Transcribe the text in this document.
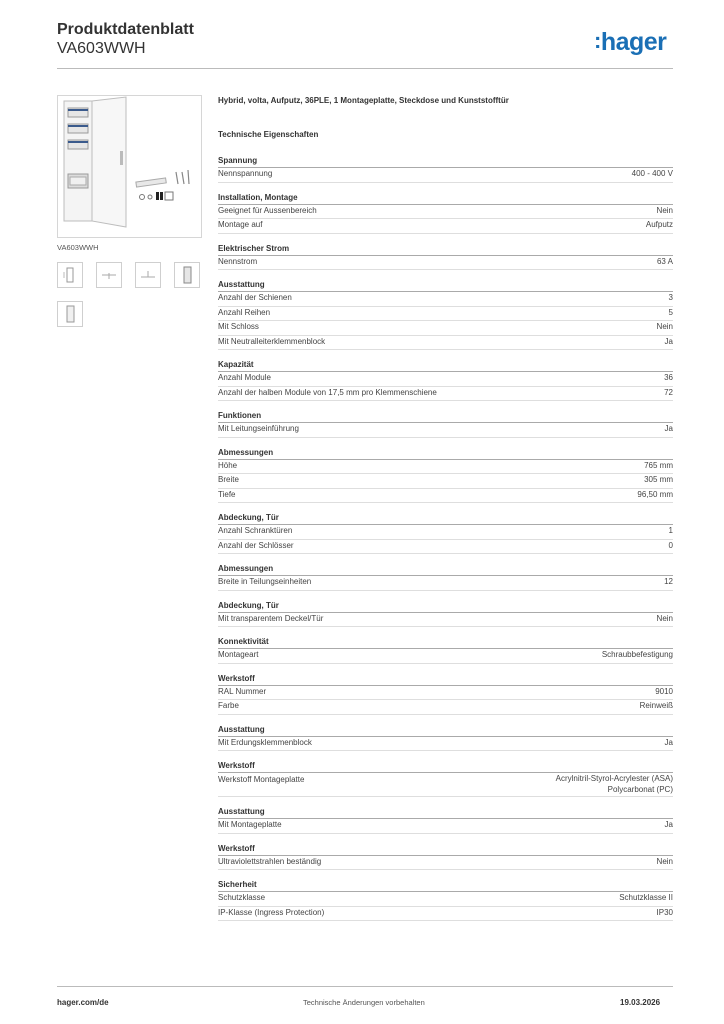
Produktdatenblatt
VA603WWH	:hager
VA603WWH
Hybrid, volta, Aufputz, 36PLE, 1 Montageplatte, Steckdose und Kunststofftür
Technische Eigenschaften
Spannung
Nennspannung	400 - 400 V
Installation, Montage
Geeignet für Aussenbereich	Nein
Montage auf	Aufputz
Elektrischer Strom
Nennstrom	63 A
Ausstattung
Anzahl der Schienen	3
Anzahl Reihen	5
Mit Schloss	Nein
Mit Neutralleiterklemmenblock	Ja
Kapazität
Anzahl Module	36
Anzahl der halben Module von 17,5 mm pro Klemmenschiene	72
Funktionen
Mit Leitungseinführung	Ja
Abmessungen
Höhe	765 mm
Breite	305 mm
Tiefe	96,50 mm
Abdeckung, Tür
Anzahl Schranktüren	1
Anzahl der Schlösser	0
Abmessungen
Breite in Teilungseinheiten	12
Abdeckung, Tür
Mit transparentem Deckel/Tür	Nein
Konnektivität
Montageart	Schraubbefestigung
Werkstoff
RAL Nummer	9010
Farbe	Reinweiß
Ausstattung
Mit Erdungsklemmenblock	Ja
Werkstoff
Werkstoff Montageplatte	Acrylnitril-Styrol-Acrylester (ASA)
Polycarbonat (PC)
Ausstattung
Mit Montageplatte	Ja
Werkstoff
Ultraviolettstrahlen beständig	Nein
Sicherheit
Schutzklasse	Schutzklasse II
IP-Klasse (Ingress Protection)	IP30
hager.com/de	Technische Änderungen vorbehalten	19.03.2026
